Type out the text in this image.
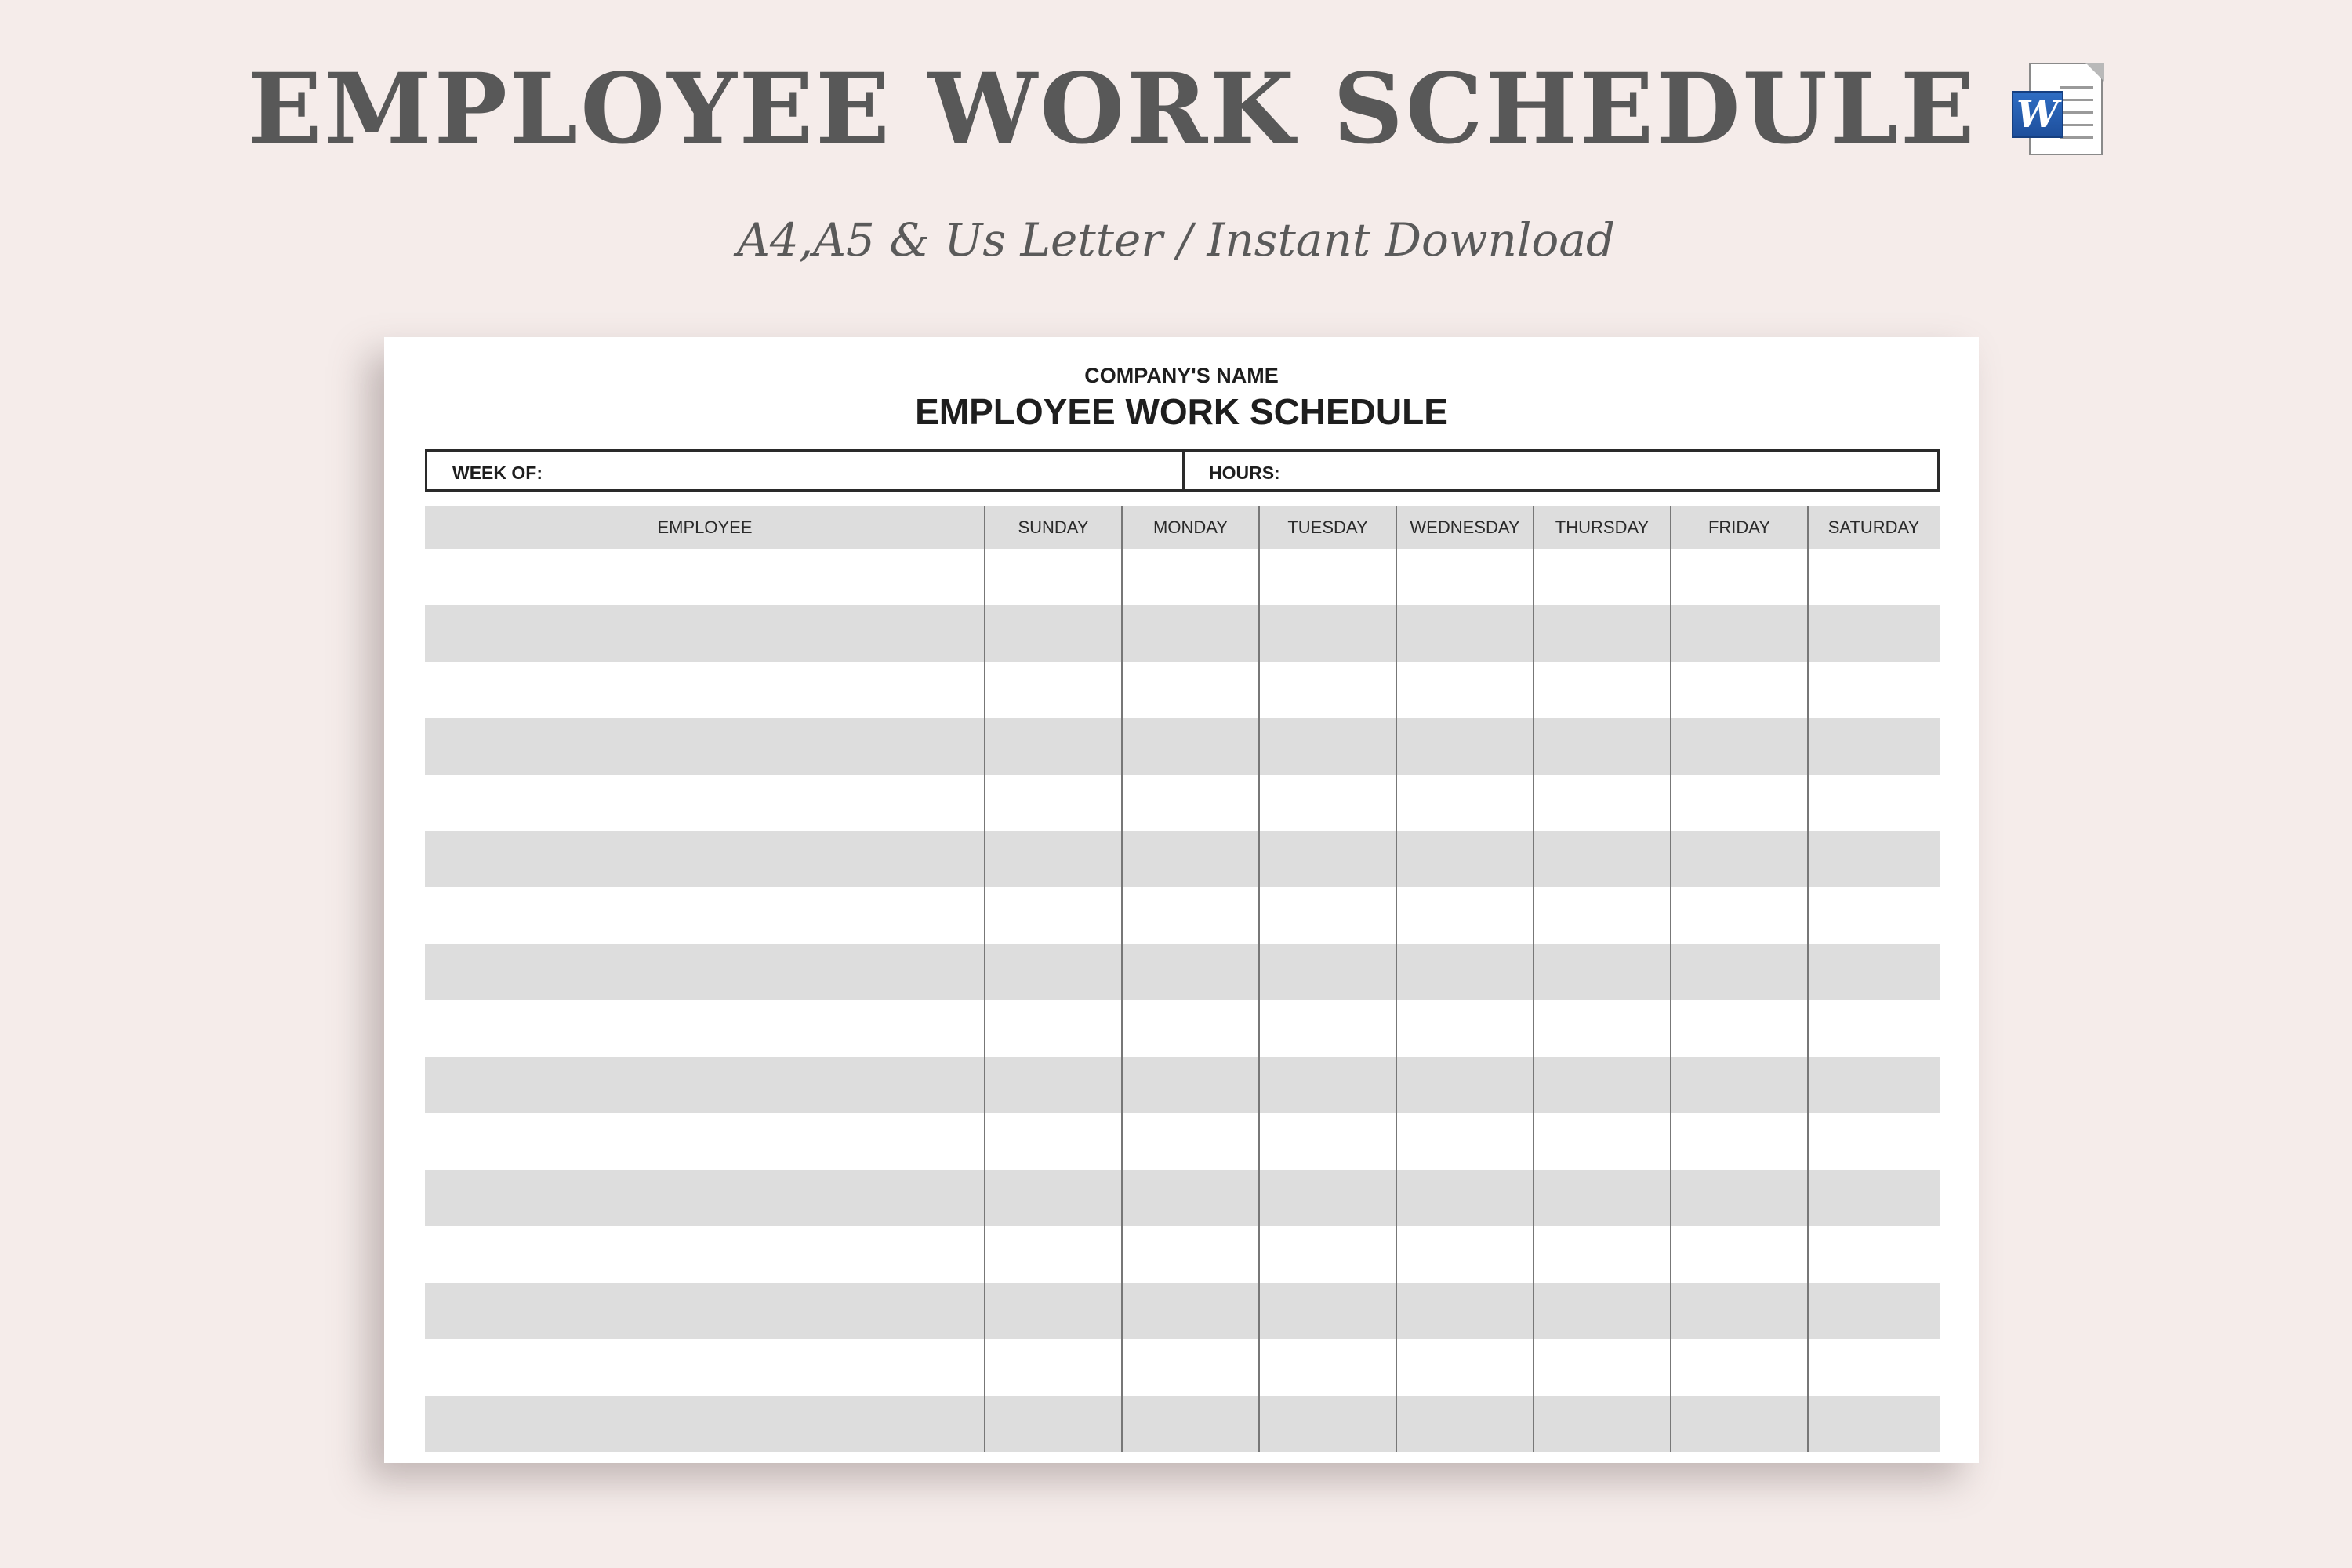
EMPLOYEE WORK SCHEDULE W
A4,A5 & Us Letter / Instant Download
COMPANY'S NAME
EMPLOYEE WORK SCHEDULE
WEEK OF:	HOURS:
EMPLOYEE	SUNDAY	MONDAY	TUESDAY	WEDNESDAY	THURSDAY	FRIDAY	SATURDAY
